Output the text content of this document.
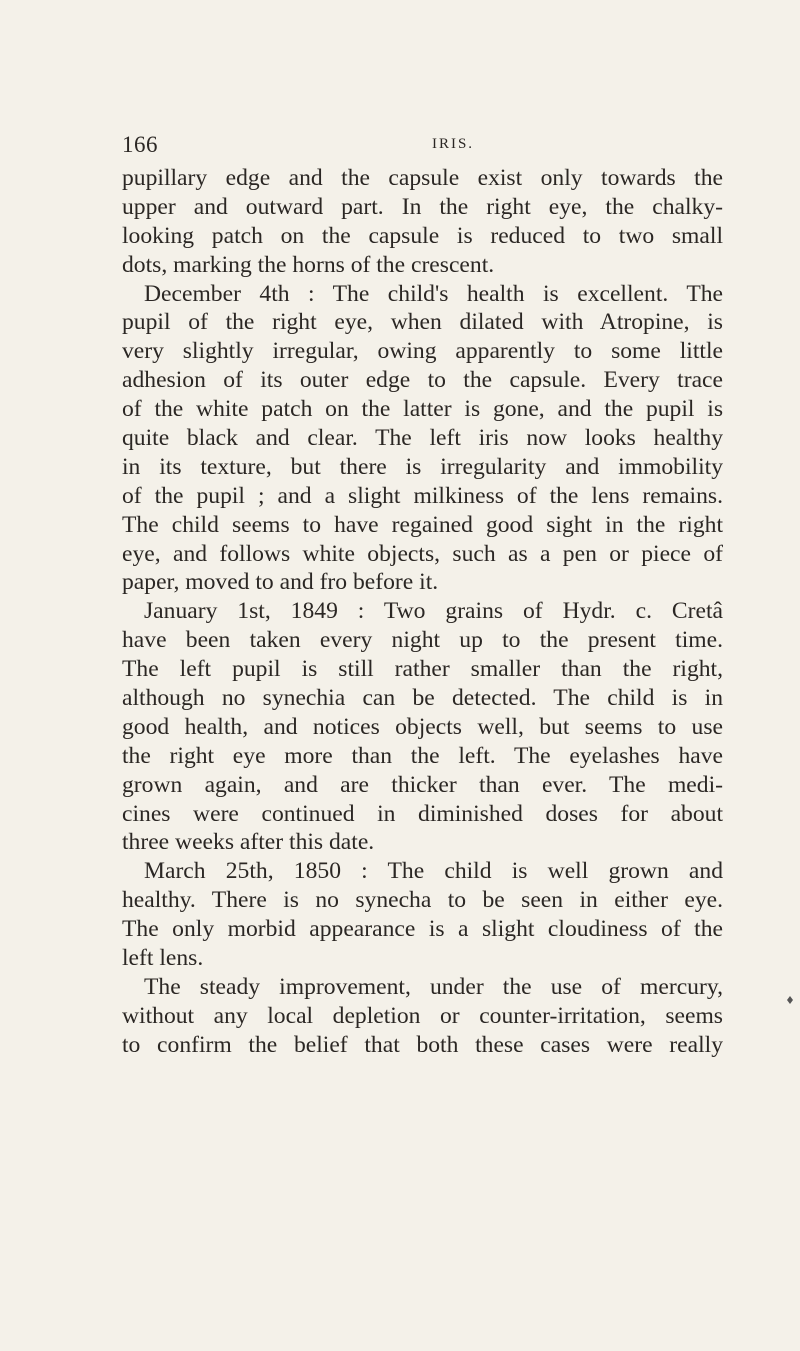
166	IRIS.
pupillary edge and the capsule exist only towards the
upper and outward part. In the right eye, the chalky-
looking patch on the capsule is reduced to two small
dots, marking the horns of the crescent.
December 4th : The child's health is excellent. The
pupil of the right eye, when dilated with Atropine, is
very slightly irregular, owing apparently to some little
adhesion of its outer edge to the capsule. Every trace
of the white patch on the latter is gone, and the pupil is
quite black and clear. The left iris now looks healthy
in its texture, but there is irregularity and immobility
of the pupil ; and a slight milkiness of the lens remains.
The child seems to have regained good sight in the right
eye, and follows white objects, such as a pen or piece of
paper, moved to and fro before it.
January 1st, 1849 : Two grains of Hydr. c. Cretâ
have been taken every night up to the present time.
The left pupil is still rather smaller than the right,
although no synechia can be detected. The child is in
good health, and notices objects well, but seems to use
the right eye more than the left. The eyelashes have
grown again, and are thicker than ever. The medi-
cines were continued in diminished doses for about
three weeks after this date.
March 25th, 1850 : The child is well grown and
healthy. There is no synecha to be seen in either eye.
The only morbid appearance is a slight cloudiness of the
left lens.
The steady improvement, under the use of mercury,
without any local depletion or counter-irritation, seems
to confirm the belief that both these cases were really
